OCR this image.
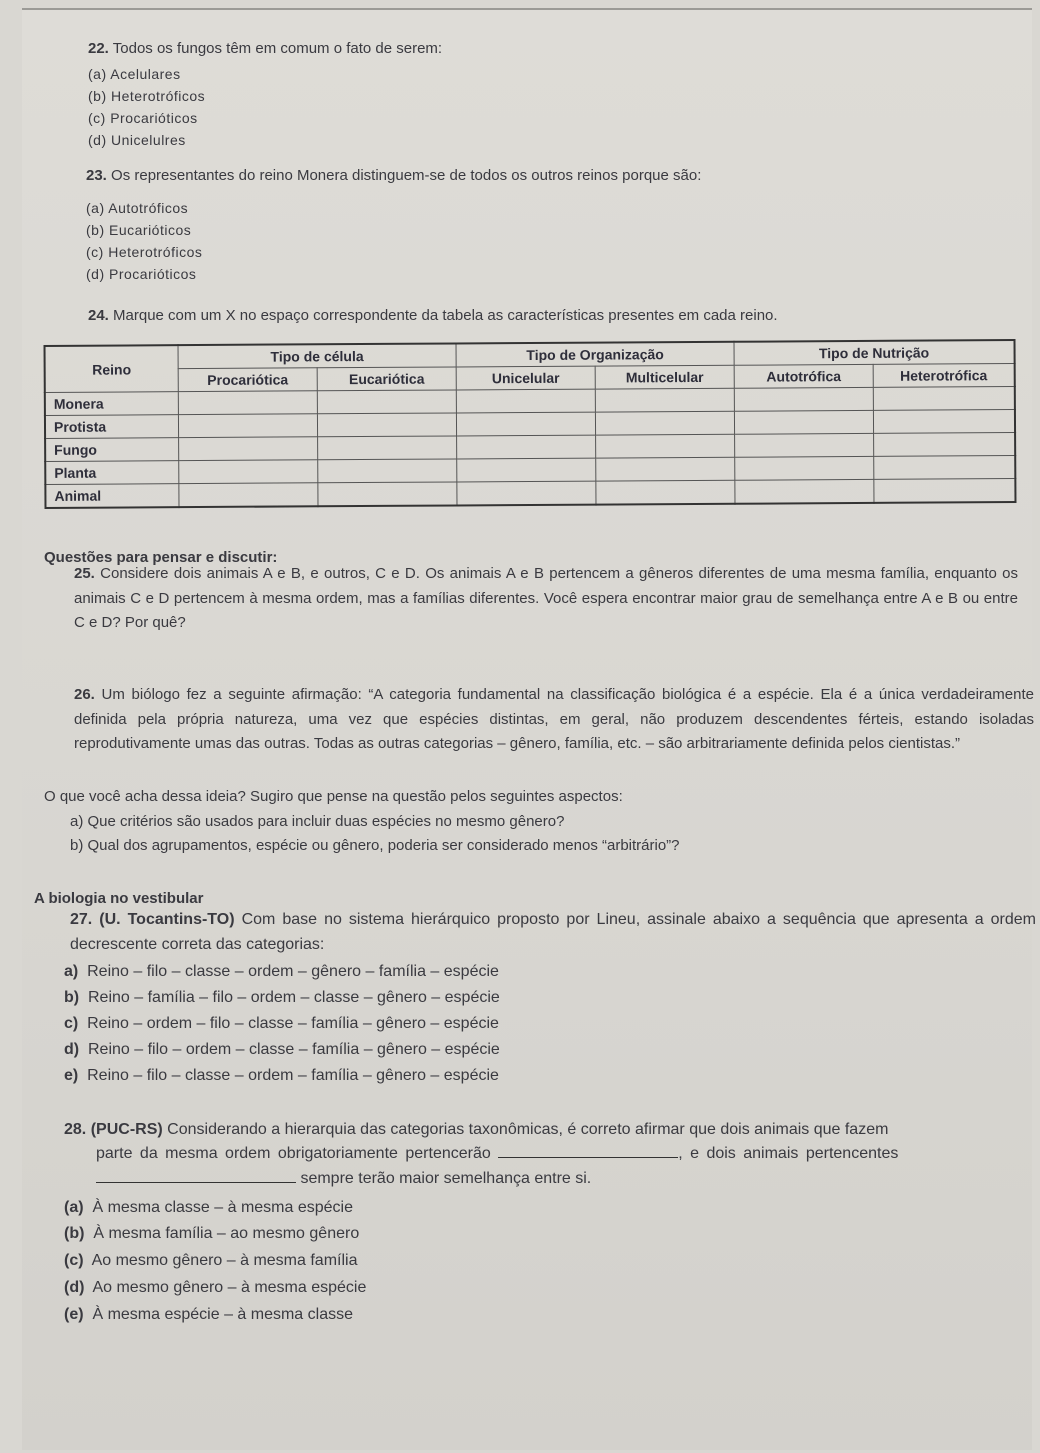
22. Todos os fungos têm em comum o fato de serem:
(a) Acelulares
(b) Heterotróficos
(c) Procarióticos
(d) Unicelulres
23. Os representantes do reino Monera distinguem-se de todos os outros reinos porque são:
(a) Autotróficos
(b) Eucarióticos
(c) Heterotróficos
(d) Procarióticos
24. Marque com um X no espaço correspondente da tabela as características presentes em cada reino.
Reino	Tipo de célula		Tipo de Organização		Tipo de Nutrição	
	Procariótica	Eucariótica	Unicelular	Multicelular	Autotrófica	Heterotrófica
Monera						
Protista						
Fungo						
Planta						
Animal						
Questões para pensar e discutir:
25. Considere dois animais A e B, e outros, C e D. Os animais A e B pertencem a gêneros diferentes de uma mesma família, enquanto os animais C e D pertencem à mesma ordem, mas a famílias diferentes. Você espera encontrar maior grau de semelhança entre A e B ou entre C e D? Por quê?
26. Um biólogo fez a seguinte afirmação: “A categoria fundamental na classificação biológica é a espécie. Ela é a única verdadeiramente definida pela própria natureza, uma vez que espécies distintas, em geral, não produzem descendentes férteis, estando isoladas reprodutivamente umas das outras. Todas as outras categorias – gênero, família, etc. – são arbitrariamente definida pelos cientistas.”
O que você acha dessa ideia? Sugiro que pense na questão pelos seguintes aspectos:
a) Que critérios são usados para incluir duas espécies no mesmo gênero?
b) Qual dos agrupamentos, espécie ou gênero, poderia ser considerado menos “arbitrário”?
A biologia no vestibular
27. (U. Tocantins-TO) Com base no sistema hierárquico proposto por Lineu, assinale abaixo a sequência que apresenta a ordem decrescente correta das categorias:
a) Reino – filo – classe – ordem – gênero – família – espécie
b) Reino – família – filo – ordem – classe – gênero – espécie
c) Reino – ordem – filo – classe – família – gênero – espécie
d) Reino – filo – ordem – classe – família – gênero – espécie
e) Reino – filo – classe – ordem – família – gênero – espécie
28. (PUC-RS) Considerando a hierarquia das categorias taxonômicas, é correto afirmar que dois animais que fazem
parte da mesma ordem obrigatoriamente pertencerão	, e dois animais pertencentes
sempre terão maior semelhança entre si.
(a) À mesma classe – à mesma espécie
(b) À mesma família – ao mesmo gênero
(c) Ao mesmo gênero – à mesma família
(d) Ao mesmo gênero – à mesma espécie
(e) À mesma espécie – à mesma classe
